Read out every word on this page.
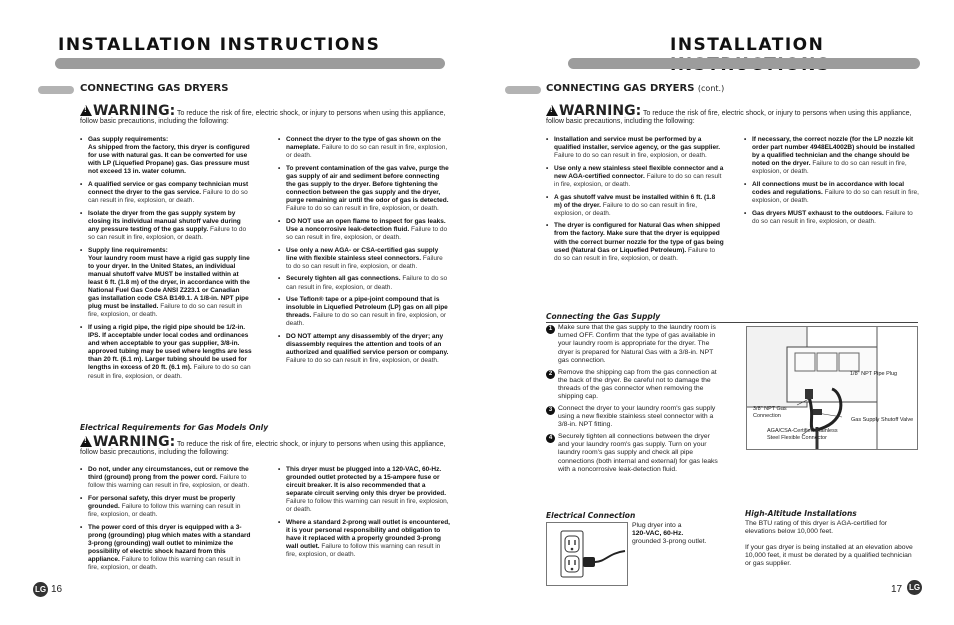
INSTALLATION INSTRUCTIONS
CONNECTING GAS DRYERS
!WARNING: To reduce the risk of fire, electric shock, or injury to persons when using this appliance, follow basic precautions, including the following:
• Gas supply requirements:
As shipped from the factory, this dryer is configured for use with natural gas. It can be converted for use with LP (Liquefied Propane) gas. Gas pressure must not exceed 13 in. water column.
• A qualified service or gas company technician must connect the dryer to the gas service. Failure to do so can result in fire, explosion, or death.
• Isolate the dryer from the gas supply system by closing its individual manual shutoff valve during any pressure testing of the gas supply. Failure to do so can result in fire, explosion, or death.
• Supply line requirements:
Your laundry room must have a rigid gas supply line to your dryer. In the United States, an individual manual shutoff valve MUST be installed within at least 6 ft. (1.8 m) of the dryer, in accordance with the National Fuel Gas Code ANSI Z223.1 or Canadian gas installation code CSA B149.1. A 1/8-in. NPT pipe plug must be installed. Failure to do so can result in fire, explosion, or death.
• If using a rigid pipe, the rigid pipe should be 1/2-in. IPS. If acceptable under local codes and ordinances and when acceptable to your gas supplier, 3/8-in. approved tubing may be used where lengths are less than 20 ft. (6.1 m). Larger tubing should be used for lengths in excess of 20 ft. (6.1 m). Failure to do so can result in fire, explosion, or death.
• Connect the dryer to the type of gas shown on the nameplate. Failure to do so can result in fire, explosion, or death.
• To prevent contamination of the gas valve, purge the gas supply of air and sediment before connecting the gas supply to the dryer. Before tightening the connection between the gas supply and the dryer, purge remaining air until the odor of gas is detected. Failure to do so can result in fire, explosion, or death.
• DO NOT use an open flame to inspect for gas leaks. Use a noncorrosive leak-detection fluid. Failure to do so can result in fire, explosion, or death.
• Use only a new AGA- or CSA-certified gas supply line with flexible stainless steel connectors. Failure to do so can result in fire, explosion, or death.
• Securely tighten all gas connections. Failure to do so can result in fire, explosion, or death.
• Use Teflon® tape or a pipe-joint compound that is insoluble in Liquefied Petroleum (LP) gas on all pipe threads. Failure to do so can result in fire, explosion, or death.
• DO NOT attempt any disassembly of the dryer; any disassembly requires the attention and tools of an authorized and qualified service person or company. Failure to do so can result in fire, explosion, or death.
Electrical Requirements for Gas Models Only
!WARNING: To reduce the risk of fire, electric shock, or injury to persons when using this appliance, follow basic precautions, including the following:
• Do not, under any circumstances, cut or remove the third (ground) prong from the power cord. Failure to follow this warning can result in fire, explosion, or death.
• For personal safety, this dryer must be properly grounded. Failure to follow this warning can result in fire, explosion, or death.
• The power cord of this dryer is equipped with a 3-prong (grounding) plug which mates with a standard 3-prong (grounding) wall outlet to minimize the possibility of electric shock hazard from this appliance. Failure to follow this warning can result in fire, explosion, or death.
• This dryer must be plugged into a 120-VAC, 60-Hz. grounded outlet protected by a 15-ampere fuse or circuit breaker. It is also recommended that a separate circuit serving only this dryer be provided. Failure to follow this warning can result in fire, explosion, or death.
• Where a standard 2-prong wall outlet is encountered, it is your personal responsibility and obligation to have it replaced with a properly grounded 3-prong wall outlet. Failure to follow this warning can result in fire, explosion, or death.
LG 16
INSTALLATION
CONNECTING GAS DRYERS (cont.)
!WARNING: To reduce the risk of fire, electric shock, or injury to persons when using this appliance, follow basic precautions, including the following:
• Installation and service must be performed by a qualified installer, service agency, or the gas supplier. Failure to do so can result in fire, explosion, or death.
• Use only a new stainless steel flexible connector and a new AGA-certified connector. Failure to do so can result in fire, explosion, or death.
• A gas shutoff valve must be installed within 6 ft. (1.8 m) of the dryer. Failure to do so can result in fire, explosion, or death.
• The dryer is configured for Natural Gas when shipped from the factory. Make sure that the dryer is equipped with the correct burner nozzle for the type of gas being used (Natural Gas or Liquefied Petroleum). Failure to do so can result in fire, explosion, or death.
• If necessary, the correct nozzle (for the LP nozzle kit order part number 4948EL4002B) should be installed by a qualified technician and the change should be noted on the dryer. Failure to do so can result in fire, explosion, or death.
• All connections must be in accordance with local codes and regulations. Failure to do so can result in fire, explosion, or death.
• Gas dryers MUST exhaust to the outdoors. Failure to do so can result in fire, explosion, or death.
Connecting the Gas Supply
1 Make sure that the gas supply to the laundry room is turned OFF. Confirm that the type of gas available in your laundry room is appropriate for the dryer. The dryer is prepared for Natural Gas with a 3/8-in. NPT gas connection.
2 Remove the shipping cap from the gas connection at the back of the dryer. Be careful not to damage the threads of the gas connector when removing the shipping cap.
3 Connect the dryer to your laundry room's gas supply using a new flexible stainless steel connector with a 3/8-in. NPT fitting.
4 Securely tighten all connections between the dryer and your laundry room's gas supply. Turn on your laundry room's gas supply and check all pipe connections (both internal and external) for gas leaks with a noncorrosive leak-detection fluid.
1/8" NPT Pipe Plug
3/8" NPT Gas Connection
Gas Supply Shutoff Valve
AGA/CSA-Certified Stainless Steel Flexible Connector
Electrical Connection
Plug dryer into a
120-VAC, 60-Hz.
grounded 3-prong outlet.
High-Altitude Installations
The BTU rating of this dryer is AGA-certified for elevations below 10,000 feet.
If your gas dryer is being installed at an elevation above 10,000 feet, it must be derated by a qualified technician or gas supplier.
17 LG
